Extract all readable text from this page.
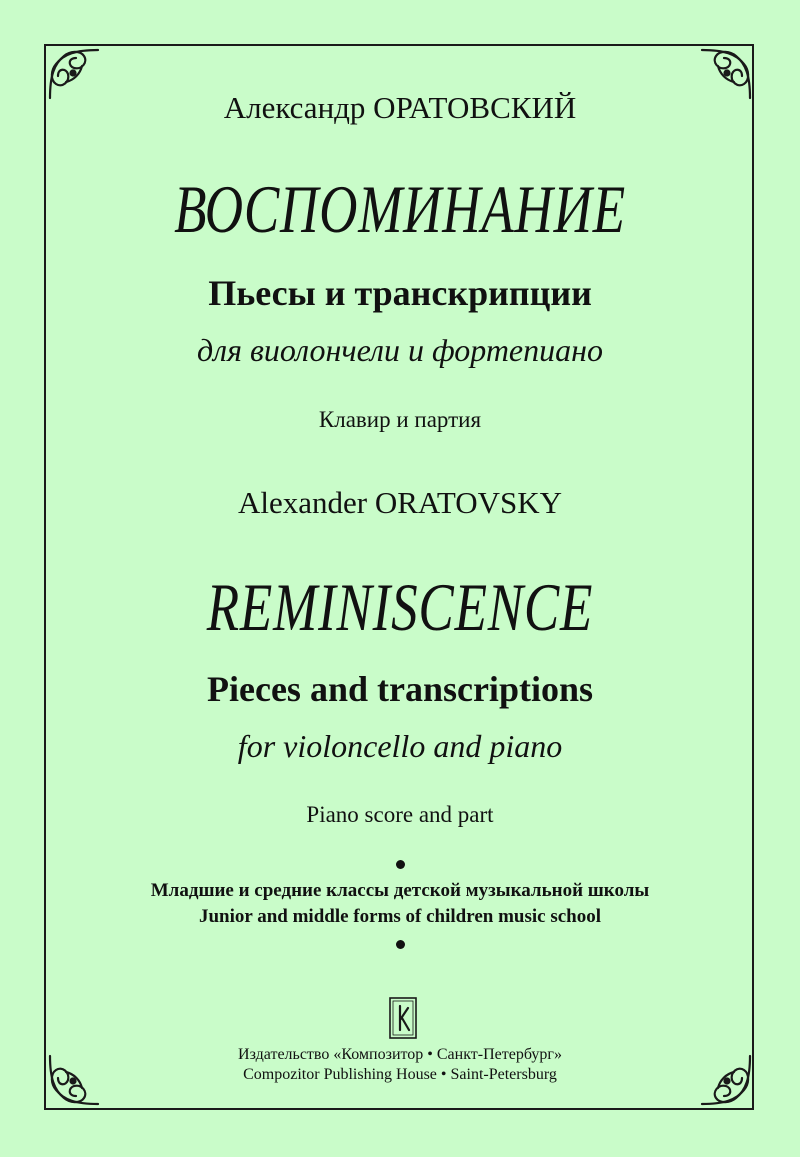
Александр ОРАТОВСКИЙ
ВОСПОМИНАНИЕ
Пьесы и транскрипции
для виолончели и фортепиано
Клавир и партия
Alexander ORATOVSKY
REMINISCENCE
Pieces and transcriptions
for violoncello and piano
Piano score and part
Младшие и средние классы детской музыкальной школы
Junior and middle forms of children music school
Издательство «Композитор • Санкт-Петербург»
Compozitor Publishing House • Saint-Petersburg
